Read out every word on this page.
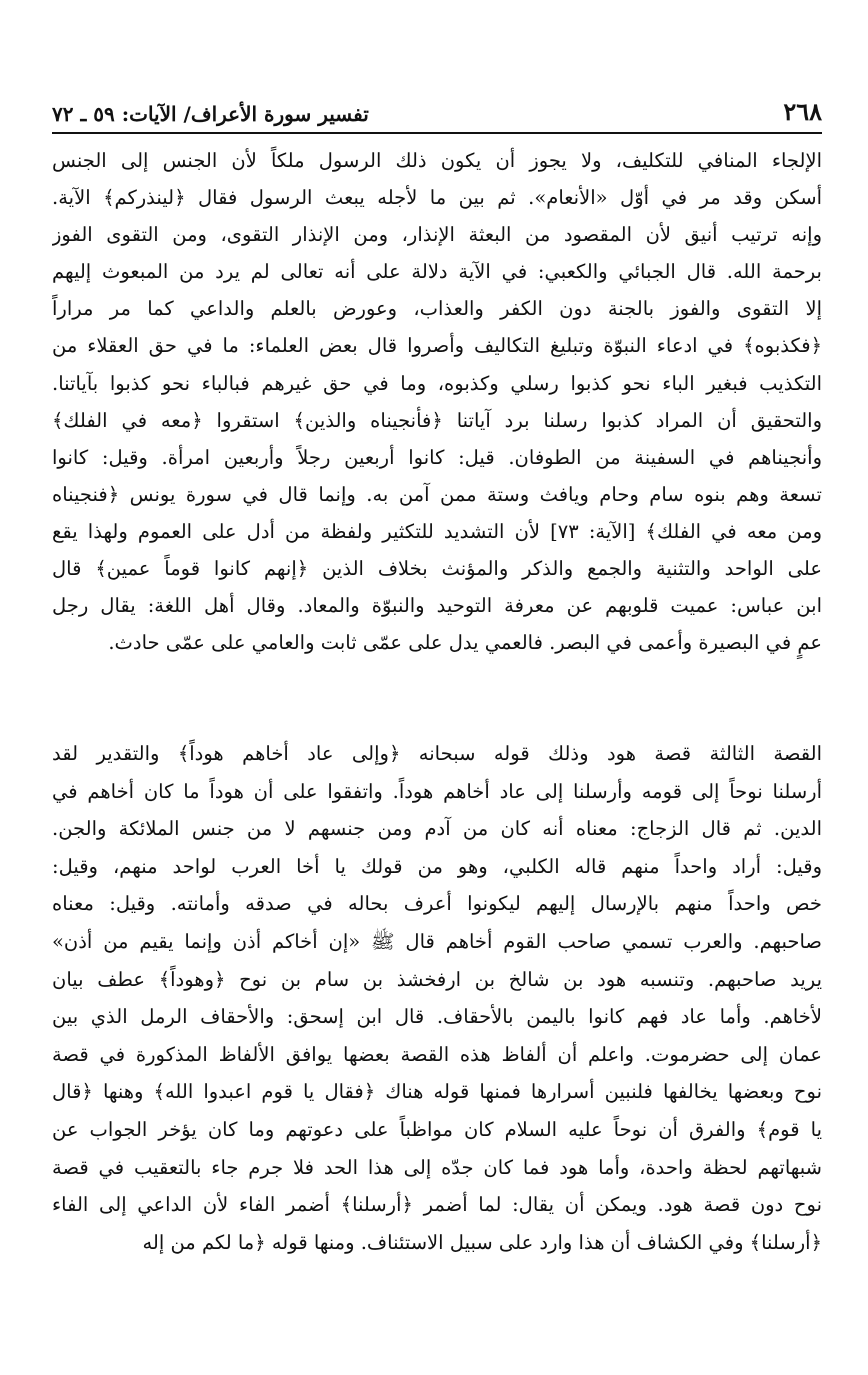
٢٦٨
تفسير سورة الأعراف/ الآيات: ٥٩ ـ ٧٢
الإلجاء المنافي للتكليف، ولا يجوز أن يكون ذلك الرسول ملكاً لأن الجنس إلى الجنس
أسكن وقد مر في أوّل «الأنعام». ثم بين ما لأجله يبعث الرسول فقال ﴿لينذركم﴾ الآية.
وإنه ترتيب أنيق لأن المقصود من البعثة الإنذار، ومن الإنذار التقوى، ومن التقوى الفوز
برحمة الله. قال الجبائي والكعبي: في الآية دلالة على أنه تعالى لم يرد من المبعوث إليهم
إلا التقوى والفوز بالجنة دون الكفر والعذاب، وعورض بالعلم والداعي كما مر مراراً
﴿فكذبوه﴾ في ادعاء النبوّة وتبليغ التكاليف وأصروا قال بعض العلماء: ما في حق العقلاء من
التكذيب فبغير الباء نحو كذبوا رسلي وكذبوه، وما في حق غيرهم فبالباء نحو كذبوا بآياتنا.
والتحقيق أن المراد كذبوا رسلنا برد آياتنا ﴿فأنجيناه والذين﴾ استقروا ﴿معه في الفلك﴾
وأنجيناهم في السفينة من الطوفان. قيل: كانوا أربعين رجلاً وأربعين امرأة. وقيل: كانوا
تسعة وهم بنوه سام وحام ويافث وستة ممن آمن به. وإنما قال في سورة يونس ﴿فنجيناه
ومن معه في الفلك﴾ [الآية: ٧٣] لأن التشديد للتكثير ولفظة من أدل على العموم ولهذا يقع
على الواحد والتثنية والجمع والذكر والمؤنث بخلاف الذين ﴿إنهم كانوا قوماً عمين﴾ قال
ابن عباس: عميت قلوبهم عن معرفة التوحيد والنبوّة والمعاد. وقال أهل اللغة: يقال رجل
عمٍ في البصيرة وأعمى في البصر. فالعمي يدل على عمّى ثابت والعامي على عمّى حادث.
القصة الثالثة قصة هود وذلك قوله سبحانه ﴿وإلى عاد أخاهم هوداً﴾ والتقدير لقد
أرسلنا نوحاً إلى قومه وأرسلنا إلى عاد أخاهم هوداً. واتفقوا على أن هوداً ما كان أخاهم في
الدين. ثم قال الزجاج: معناه أنه كان من آدم ومن جنسهم لا من جنس الملائكة والجن.
وقيل: أراد واحداً منهم قاله الكلبي، وهو من قولك يا أخا العرب لواحد منهم، وقيل:
خص واحداً منهم بالإرسال إليهم ليكونوا أعرف بحاله في صدقه وأمانته. وقيل: معناه
صاحبهم. والعرب تسمي صاحب القوم أخاهم قال ﷺ «إن أخاكم أذن وإنما يقيم من أذن»
يريد صاحبهم. وتنسبه هود بن شالخ بن ارفخشذ بن سام بن نوح ﴿وهوداً﴾ عطف بيان
لأخاهم. وأما عاد فهم كانوا باليمن بالأحقاف. قال ابن إسحق: والأحقاف الرمل الذي بين
عمان إلى حضرموت. واعلم أن ألفاظ هذه القصة بعضها يوافق الألفاظ المذكورة في قصة
نوح وبعضها يخالفها فلنبين أسرارها فمنها قوله هناك ﴿فقال يا قوم اعبدوا الله﴾ وهنها ﴿قال
يا قوم﴾ والفرق أن نوحاً عليه السلام كان مواظباً على دعوتهم وما كان يؤخر الجواب عن
شبهاتهم لحظة واحدة، وأما هود فما كان جدّه إلى هذا الحد فلا جرم جاء بالتعقيب في قصة
نوح دون قصة هود. ويمكن أن يقال: لما أضمر ﴿أرسلنا﴾ أضمر الفاء لأن الداعي إلى الفاء
﴿أرسلنا﴾ وفي الكشاف أن هذا وارد على سبيل الاستئناف. ومنها قوله ﴿ما لكم من إله
